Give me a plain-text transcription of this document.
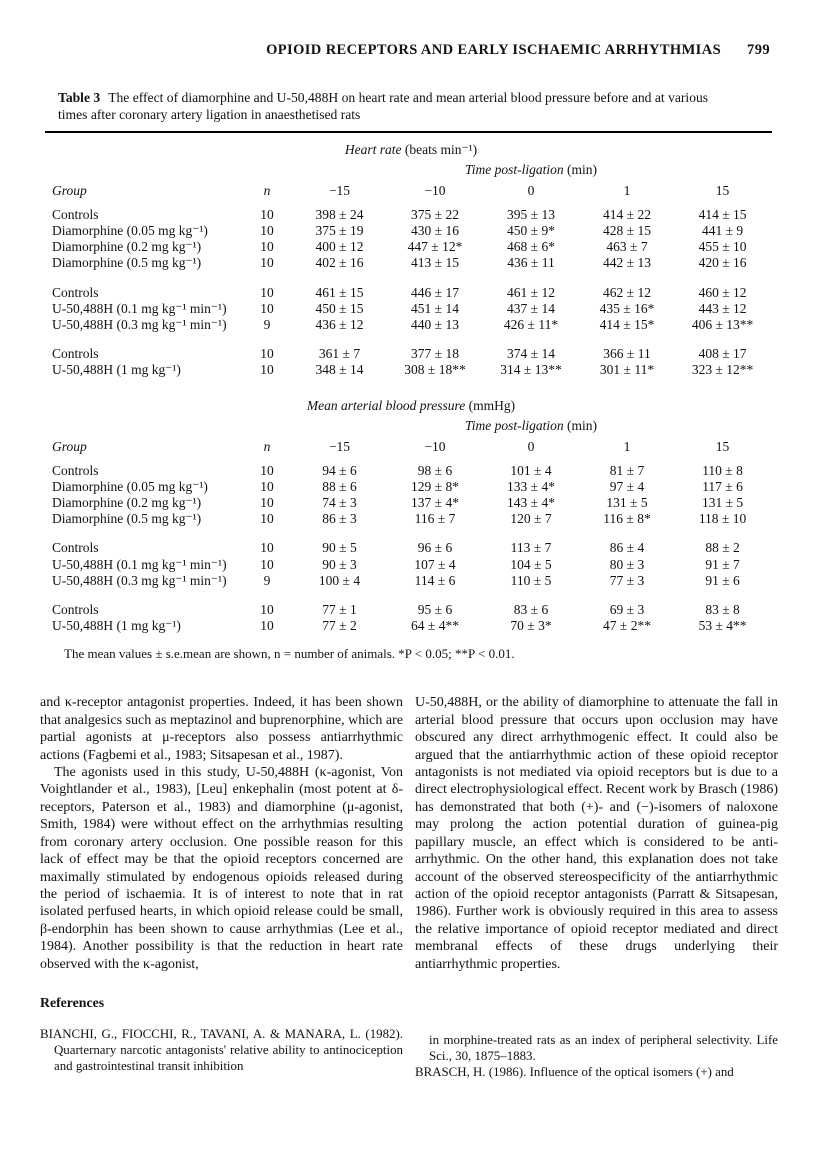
OPIOID RECEPTORS AND EARLY ISCHAEMIC ARRHYTHMIAS 799
Table 3 The effect of diamorphine and U-50,488H on heart rate and mean arterial blood pressure before and at various times after coronary artery ligation in anaesthetised rats
Heart rate (beats min⁻¹)						
		Time post-ligation (min)				
Group	n	−15	−10	0	1	15
Controls	10	398 ± 24	375 ± 22	395 ± 13	414 ± 22	414 ± 15
Diamorphine (0.05 mg kg⁻¹)	10	375 ± 19	430 ± 16	450 ± 9*	428 ± 15	441 ± 9
Diamorphine (0.2 mg kg⁻¹)	10	400 ± 12	447 ± 12*	468 ± 6*	463 ± 7	455 ± 10
Diamorphine (0.5 mg kg⁻¹)	10	402 ± 16	413 ± 15	436 ± 11	442 ± 13	420 ± 16
Controls	10	461 ± 15	446 ± 17	461 ± 12	462 ± 12	460 ± 12
U-50,488H (0.1 mg kg⁻¹ min⁻¹)	10	450 ± 15	451 ± 14	437 ± 14	435 ± 16*	443 ± 12
U-50,488H (0.3 mg kg⁻¹ min⁻¹)	9	436 ± 12	440 ± 13	426 ± 11*	414 ± 15*	406 ± 13**
Controls	10	361 ± 7	377 ± 18	374 ± 14	366 ± 11	408 ± 17
U-50,488H (1 mg kg⁻¹)	10	348 ± 14	308 ± 18**	314 ± 13**	301 ± 11*	323 ± 12**
Mean arterial blood pressure (mmHg)						
		Time post-ligation (min)				
Group	n	−15	−10	0	1	15
Controls	10	94 ± 6	98 ± 6	101 ± 4	81 ± 7	110 ± 8
Diamorphine (0.05 mg kg⁻¹)	10	88 ± 6	129 ± 8*	133 ± 4*	97 ± 4	117 ± 6
Diamorphine (0.2 mg kg⁻¹)	10	74 ± 3	137 ± 4*	143 ± 4*	131 ± 5	131 ± 5
Diamorphine (0.5 mg kg⁻¹)	10	86 ± 3	116 ± 7	120 ± 7	116 ± 8*	118 ± 10
Controls	10	90 ± 5	96 ± 6	113 ± 7	86 ± 4	88 ± 2
U-50,488H (0.1 mg kg⁻¹ min⁻¹)	10	90 ± 3	107 ± 4	104 ± 5	80 ± 3	91 ± 7
U-50,488H (0.3 mg kg⁻¹ min⁻¹)	9	100 ± 4	114 ± 6	110 ± 5	77 ± 3	91 ± 6
Controls	10	77 ± 1	95 ± 6	83 ± 6	69 ± 3	83 ± 8
U-50,488H (1 mg kg⁻¹)	10	77 ± 2	64 ± 4**	70 ± 3*	47 ± 2**	53 ± 4**
The mean values ± s.e.mean are shown, n = number of animals. *P < 0.05; **P < 0.01.

and κ-receptor antagonist properties. Indeed, it has been shown that analgesics such as meptazinol and buprenorphine, which are partial agonists at μ-receptors also possess antiarrhythmic actions (Fagbemi et al., 1983; Sitsapesan et al., 1987).

The agonists used in this study, U-50,488H (κ-agonist, Von Voightlander et al., 1983), [Leu] enkephalin (most potent at δ-receptors, Paterson et al., 1983) and diamorphine (μ-agonist, Smith, 1984) were without effect on the arrhythmias resulting from coronary artery occlusion. One possible reason for this lack of effect may be that the opioid receptors concerned are maximally stimulated by endogenous opioids released during the period of ischaemia. It is of interest to note that in rat isolated perfused hearts, in which opioid release could be small, β-endorphin has been shown to cause arrhythmias (Lee et al., 1984). Another possibility is that the reduction in heart rate observed with the κ-agonist,

U-50,488H, or the ability of diamorphine to attenuate the fall in arterial blood pressure that occurs upon occlusion may have obscured any direct arrhythmogenic effect. It could also be argued that the antiarrhythmic action of these opioid receptor antagonists is not mediated via opioid receptors but is due to a direct electrophysiological effect. Recent work by Brasch (1986) has demonstrated that both (+)- and (−)-isomers of naloxone may prolong the action potential duration of guinea-pig papillary muscle, an effect which is considered to be anti-arrhythmic. On the other hand, this explanation does not take account of the observed stereospecificity of the antiarrhythmic action of the opioid receptor antagonists (Parratt & Sitsapesan, 1986). Further work is obviously required in this area to assess the relative importance of opioid receptor mediated and direct membranal effects of these drugs underlying their antiarrhythmic properties.

References

BIANCHI, G., FIOCCHI, R., TAVANI, A. & MANARA, L. (1982). Quarternary narcotic antagonists' relative ability to antinociception and gastrointestinal transit inhibition

in morphine-treated rats as an index of peripheral selectivity. Life Sci., 30, 1875–1883.

BRASCH, H. (1986). Influence of the optical isomers (+) and
